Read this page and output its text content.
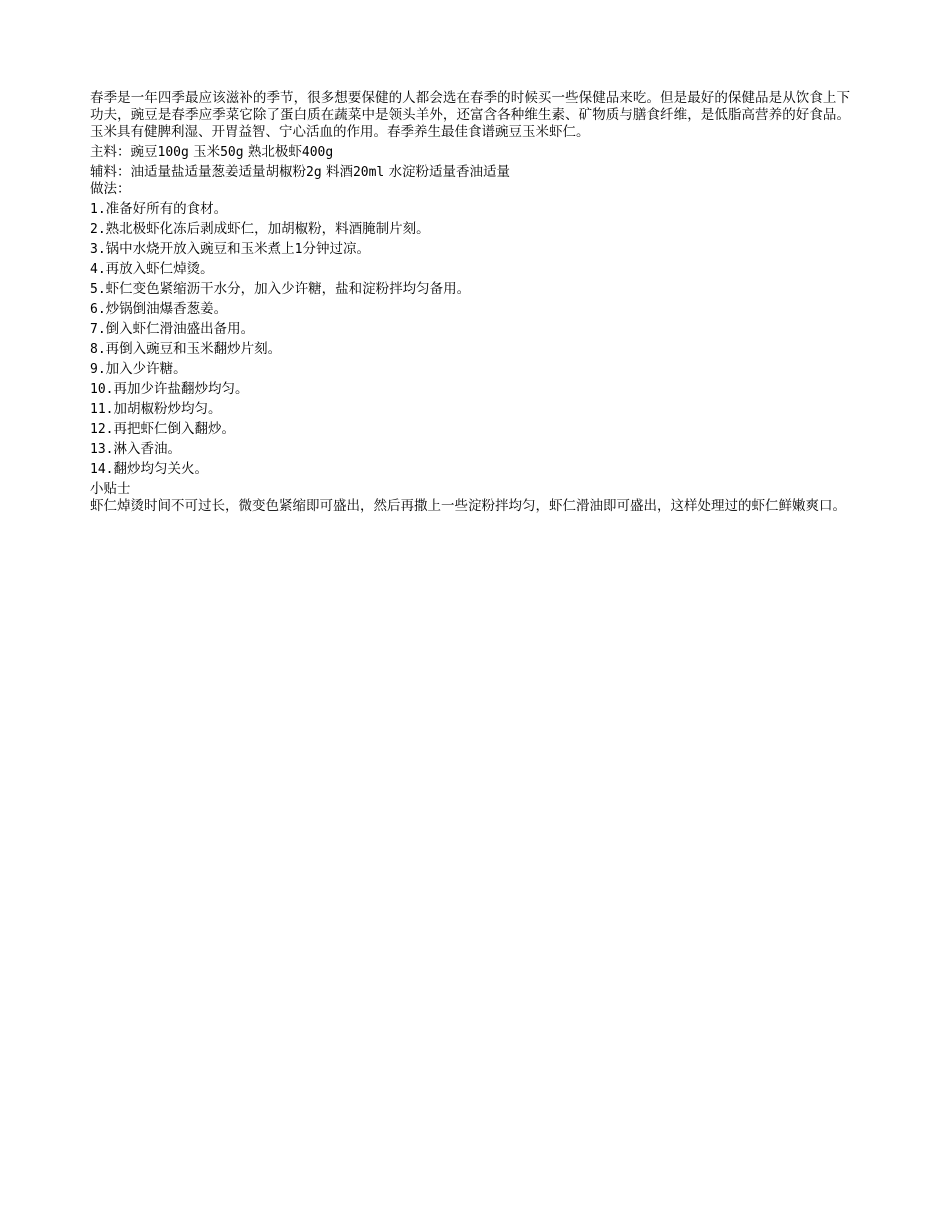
春季是一年四季最应该滋补的季节，很多想要保健的人都会选在春季的时候买一些保健品来吃。但是最好的保健品是从饮食上下功夫，豌豆是春季应季菜它除了蛋白质在蔬菜中是领头羊外，还富含各种维生素、矿物质与膳食纤维，是低脂高营养的好食品。玉米具有健脾利湿、开胃益智、宁心活血的作用。春季养生最佳食谱豌豆玉米虾仁。

主料：豌豆100g 玉米50g 熟北极虾400g

辅料：油适量盐适量葱姜适量胡椒粉2g 料酒20ml 水淀粉适量香油适量

做法：

1.准备好所有的食材。
2.熟北极虾化冻后剥成虾仁，加胡椒粉，料酒腌制片刻。
3.锅中水烧开放入豌豆和玉米煮上1分钟过凉。
4.再放入虾仁焯烫。
5.虾仁变色紧缩沥干水分，加入少许糖，盐和淀粉拌均匀备用。
6.炒锅倒油爆香葱姜。
7.倒入虾仁滑油盛出备用。
8.再倒入豌豆和玉米翻炒片刻。
9.加入少许糖。
10.再加少许盐翻炒均匀。
11.加胡椒粉炒均匀。
12.再把虾仁倒入翻炒。
13.淋入香油。
14.翻炒均匀关火。

小贴士

虾仁焯烫时间不可过长，微变色紧缩即可盛出，然后再撒上一些淀粉拌均匀，虾仁滑油即可盛出，这样处理过的虾仁鲜嫩爽口。
